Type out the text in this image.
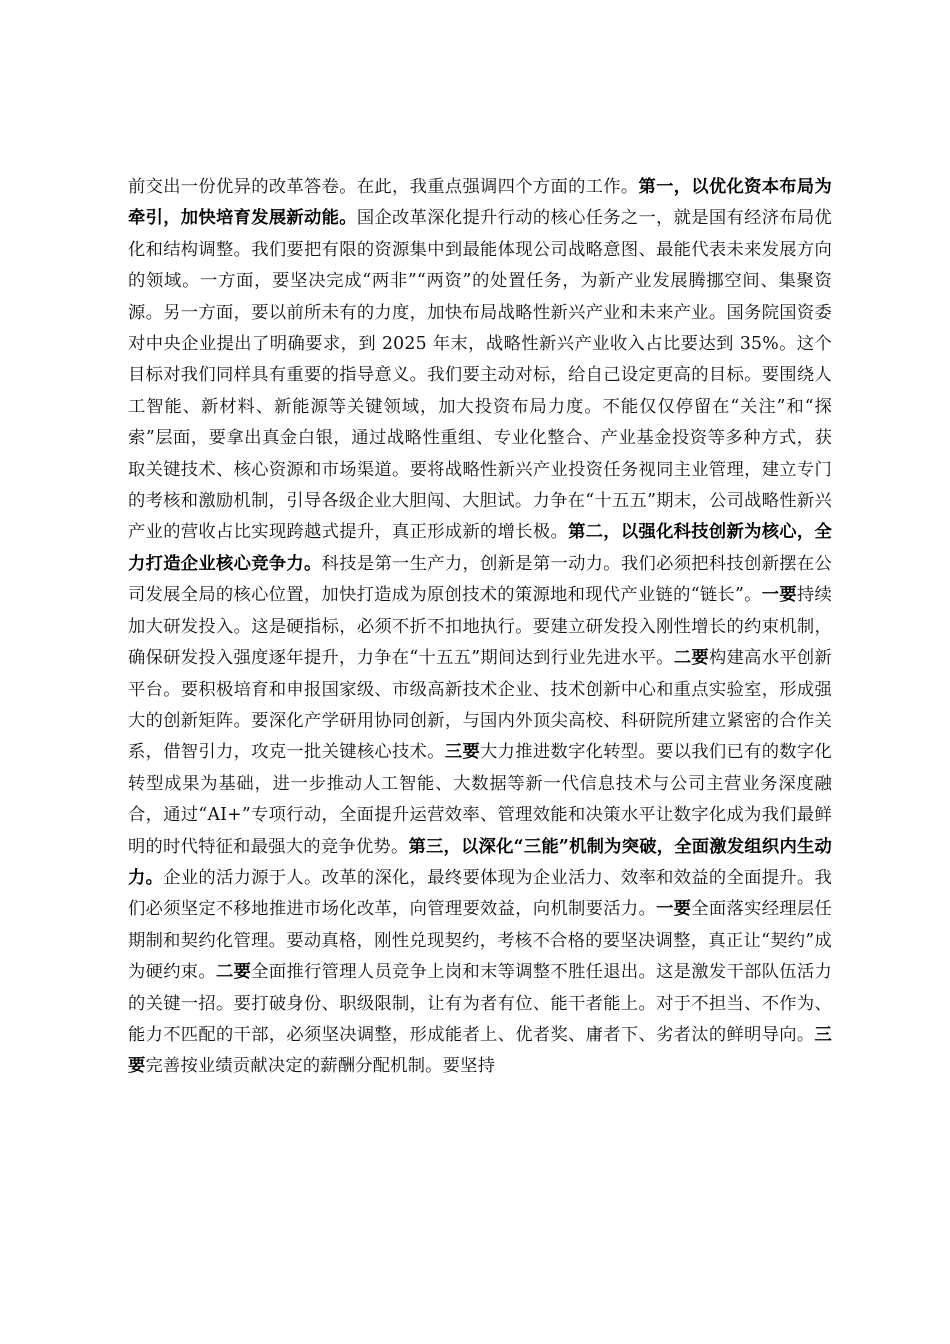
前交出一份优异的改革答卷。在此，我重点强调四个方面的工作。第一，以优化资本布局为牵引，加快培育发展新动能。国企改革深化提升行动的核心任务之一，就是国有经济布局优化和结构调整。我们要把有限的资源集中到最能体现公司战略意图、最能代表未来发展方向的领域。一方面，要坚决完成“两非”“两资”的处置任务，为新产业发展腾挪空间、集聚资源。另一方面，要以前所未有的力度，加快布局战略性新兴产业和未来产业。国务院国资委对中央企业提出了明确要求，到 2025 年末，战略性新兴产业收入占比要达到 35%。这个目标对我们同样具有重要的指导意义。我们要主动对标，给自己设定更高的目标。要围绕人工智能、新材料、新能源等关键领域，加大投资布局力度。不能仅仅停留在“关注”和“探索”层面，要拿出真金白银，通过战略性重组、专业化整合、产业基金投资等多种方式，获取关键技术、核心资源和市场渠道。要将战略性新兴产业投资任务视同主业管理，建立专门的考核和激励机制，引导各级企业大胆闯、大胆试。力争在“十五五”期末，公司战略性新兴产业的营收占比实现跨越式提升，真正形成新的增长极。第二，以强化科技创新为核心，全力打造企业核心竞争力。科技是第一生产力，创新是第一动力。我们必须把科技创新摆在公司发展全局的核心位置，加快打造成为原创技术的策源地和现代产业链的“链长”。一要持续加大研发投入。这是硬指标，必须不折不扣地执行。要建立研发投入刚性增长的约束机制，确保研发投入强度逐年提升，力争在“十五五”期间达到行业先进水平。二要构建高水平创新平台。要积极培育和申报国家级、市级高新技术企业、技术创新中心和重点实验室，形成强大的创新矩阵。要深化产学研用协同创新，与国内外顶尖高校、科研院所建立紧密的合作关系，借智引力，攻克一批关键核心技术。三要大力推进数字化转型。要以我们已有的数字化转型成果为基础，进一步推动人工智能、大数据等新一代信息技术与公司主营业务深度融合，通过“AI+”专项行动，全面提升运营效率、管理效能和决策水平让数字化成为我们最鲜明的时代特征和最强大的竞争优势。第三，以深化“三能”机制为突破，全面激发组织内生动力。企业的活力源于人。改革的深化，最终要体现为企业活力、效率和效益的全面提升。我们必须坚定不移地推进市场化改革，向管理要效益，向机制要活力。一要全面落实经理层任期制和契约化管理。要动真格，刚性兑现契约，考核不合格的要坚决调整，真正让“契约”成为硬约束。二要全面推行管理人员竞争上岗和末等调整不胜任退出。这是激发干部队伍活力的关键一招。要打破身份、职级限制，让有为者有位、能干者能上。对于不担当、不作为、能力不匹配的干部，必须坚决调整，形成能者上、优者奖、庸者下、劣者汰的鲜明导向。三要完善按业绩贡献决定的薪酬分配机制。要坚持
